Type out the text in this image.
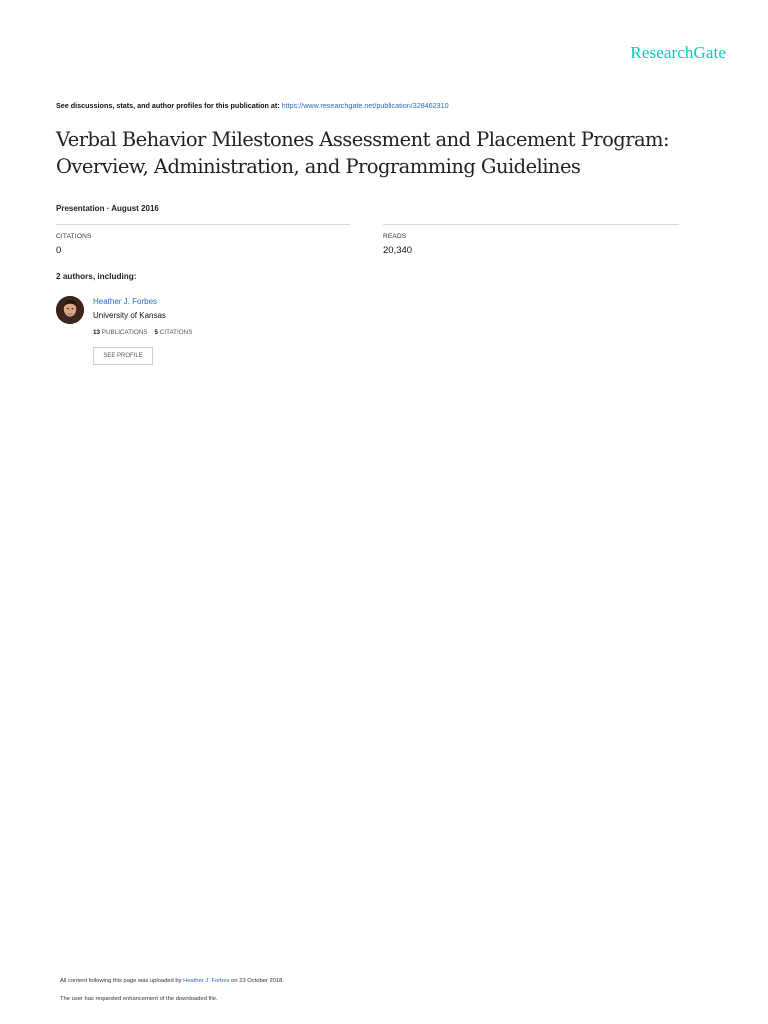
ResearchGate
See discussions, stats, and author profiles for this publication at: https://www.researchgate.net/publication/328462310
Verbal Behavior Milestones Assessment and Placement Program:
Overview, Administration, and Programming Guidelines
Presentation · August 2016
CITATIONS
0
READS
20,340
2 authors, including:
Heather J. Forbes
University of Kansas
13 PUBLICATIONS 5 CITATIONS
SEE PROFILE
All content following this page was uploaded by Heather J. Forbes on 23 October 2018.
The user has requested enhancement of the downloaded file.
